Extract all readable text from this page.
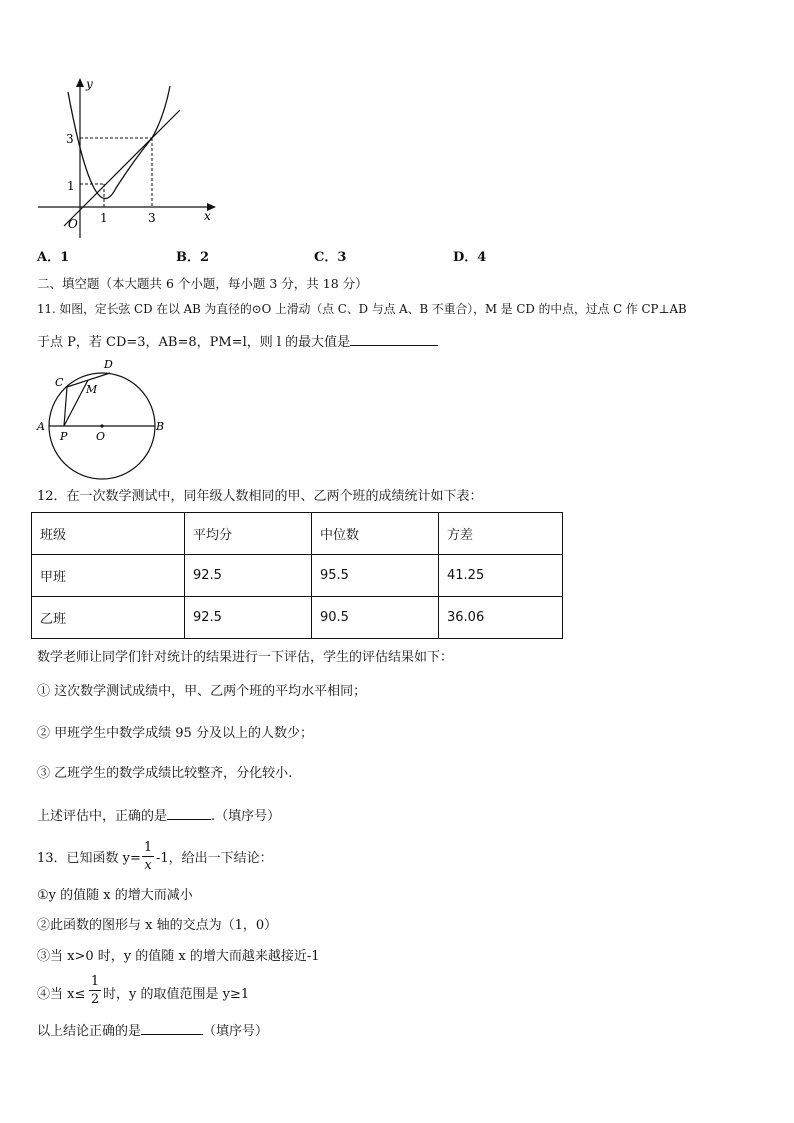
y
x
O
3
1
1	3
A．1	B．2	C．3	D．4
二、填空题（本大题共 6 个小题，每小题 3 分，共 18 分）
11. 如图，定长弦 CD 在以 AB 为直径的⊙O 上滑动（点 C、D 与点 A、B 不重合），M 是 CD 的中点，过点 C 作 CP⊥AB
于点 P，若 CD=3，AB=8，PM=l，则 l 的最大值是
A	B
C
D
M
O
P
12．在一次数学测试中，同年级人数相同的甲、乙两个班的成绩统计如下表：
班级	平均分	中位数	方差
甲班	92.5	95.5	41.25
乙班	92.5	90.5	36.06
数学老师让同学们针对统计的结果进行一下评估，学生的评估结果如下：
① 这次数学测试成绩中，甲、乙两个班的平均水平相同；
② 甲班学生中数学成绩 95 分及以上的人数少；
③ 乙班学生的数学成绩比较整齐，分化较小.
上述评估中，正确的是	.（填序号）
13．已知函数 y=
1
x -1，给出一下结论：
①y 的值随 x 的增大而减小
②此函数的图形与 x 轴的交点为（1，0）
③当 x>0 时，y 的值随 x 的增大而越来越接近-1
④当 x≤
1
2 时，y 的取值范围是 y≥1
以上结论正确的是	（填序号）
